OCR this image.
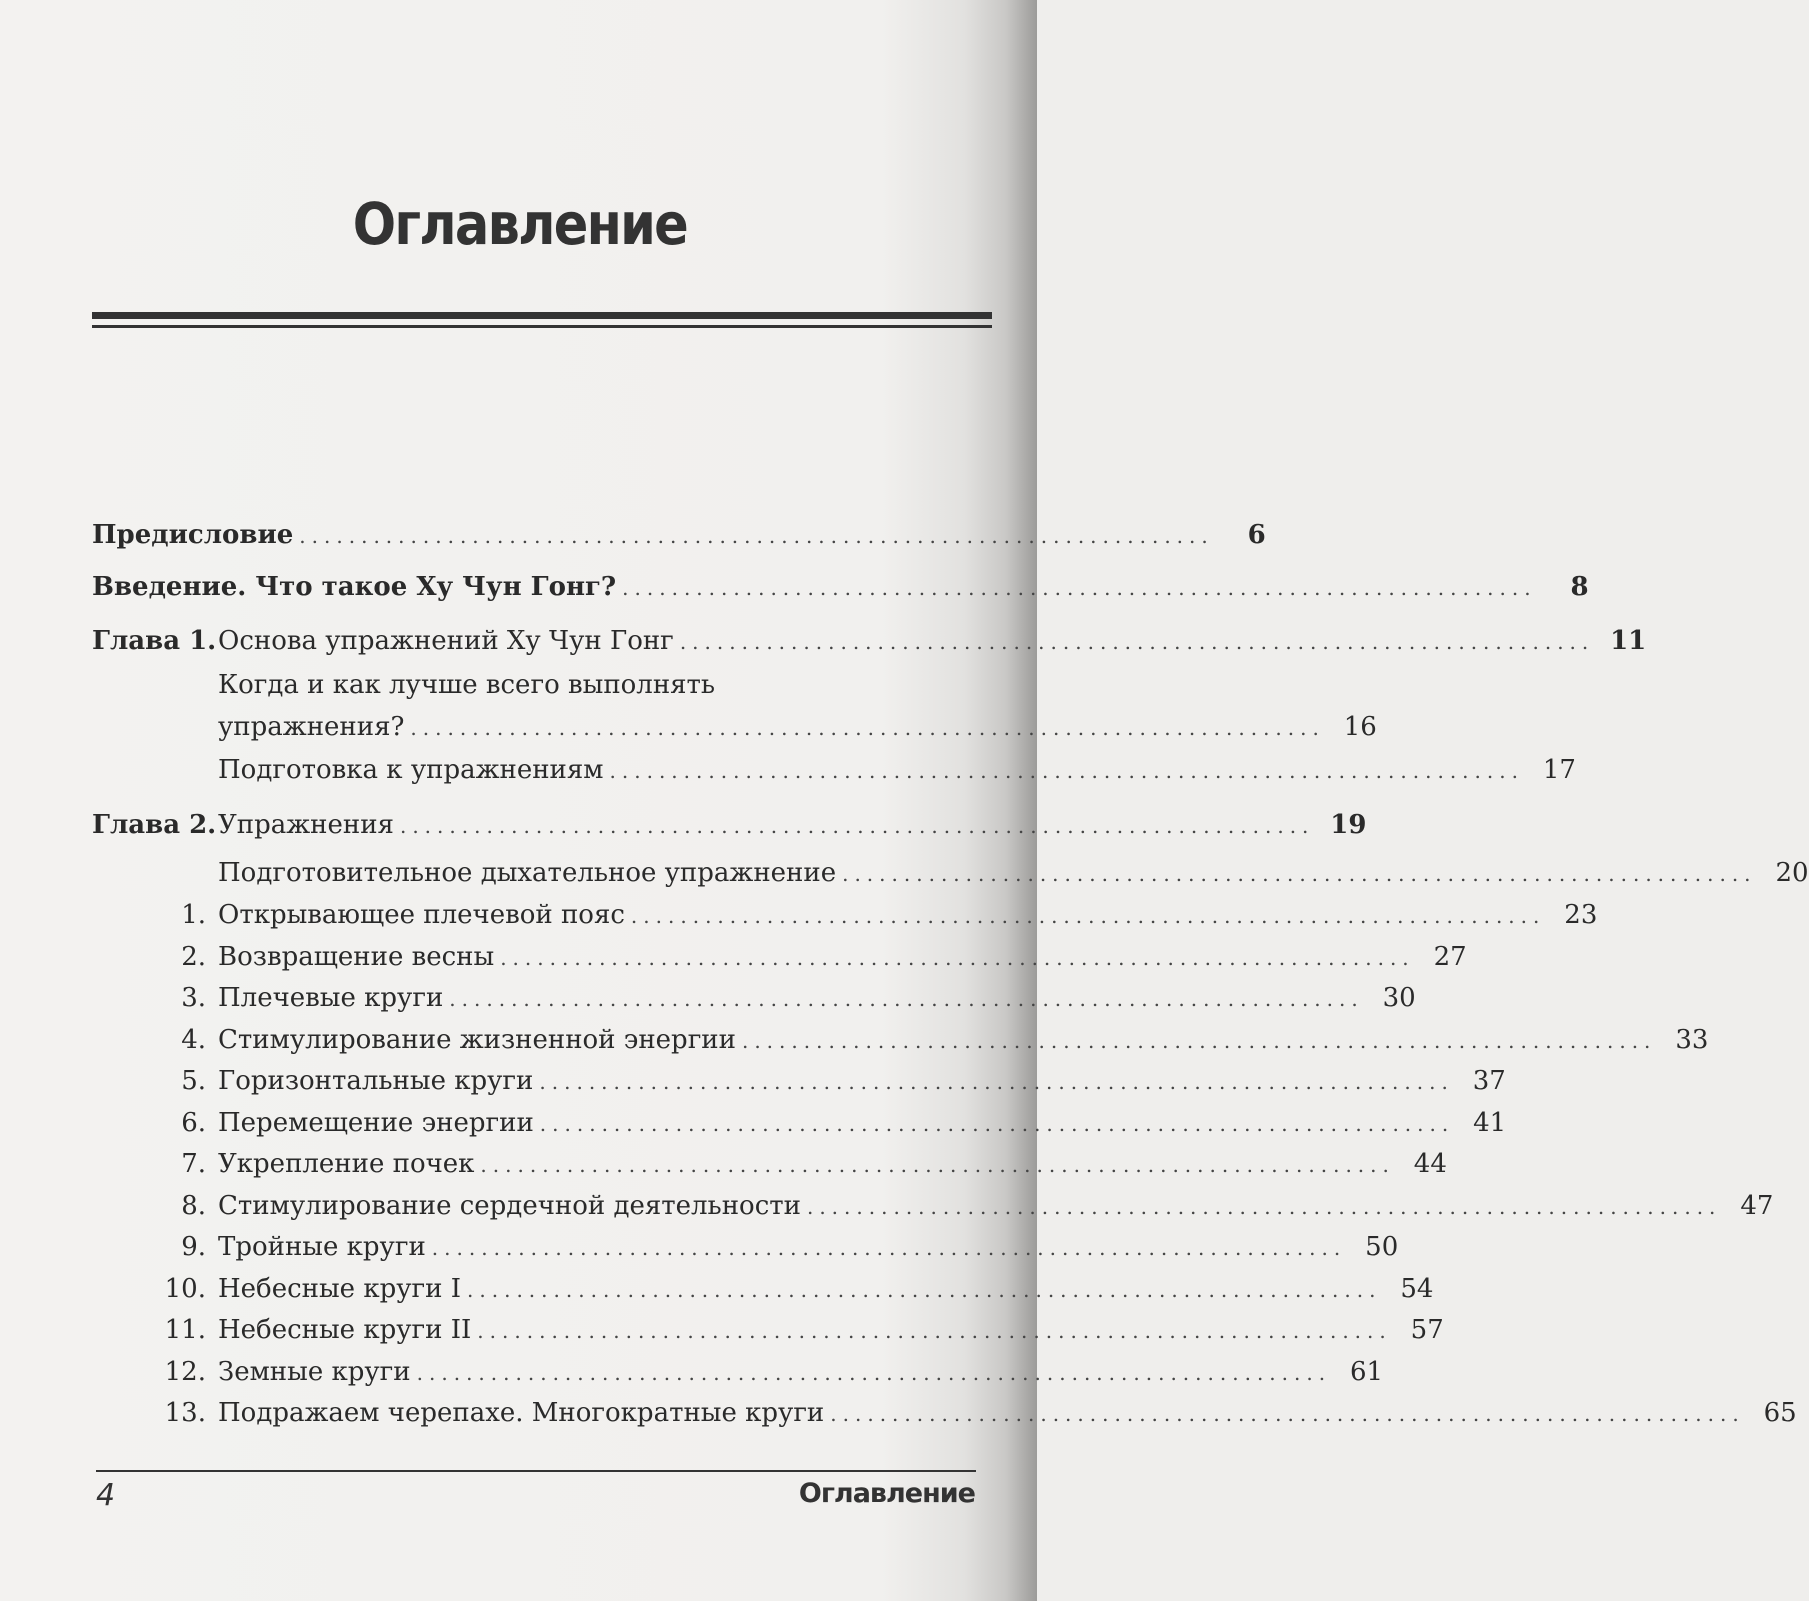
Оглавление
Предисловие ..........................................................................	6
Введение. Что такое Ху Чун Гонг? ..........................................................................	8
Глава 1. Основа упражнений Ху Чун Гонг .......................................................................... 11
Когда и как лучше всего выполнять
упражнения? .......................................................................... 16
Подготовка к упражнениям .......................................................................... 17
Глава 2. Упражнения .......................................................................... 19
Подготовительное дыхательное упражнение .......................................................................... 20
1. Открывающее плечевой пояс .......................................................................... 23
2. Возвращение весны .......................................................................... 27
3. Плечевые круги .......................................................................... 30
4. Стимулирование жизненной энергии .......................................................................... 33
5. Горизонтальные круги .......................................................................... 37
6. Перемещение энергии .......................................................................... 41
7. Укрепление почек .......................................................................... 44
8. Стимулирование сердечной деятельности .......................................................................... 47
9. Тройные круги .......................................................................... 50
10. Небесные круги I .......................................................................... 54
11. Небесные круги II .......................................................................... 57
12. Земные круги .......................................................................... 61
13. Подражаем черепахе. Многократные круги .......................................................................... 65
4	Оглавление
